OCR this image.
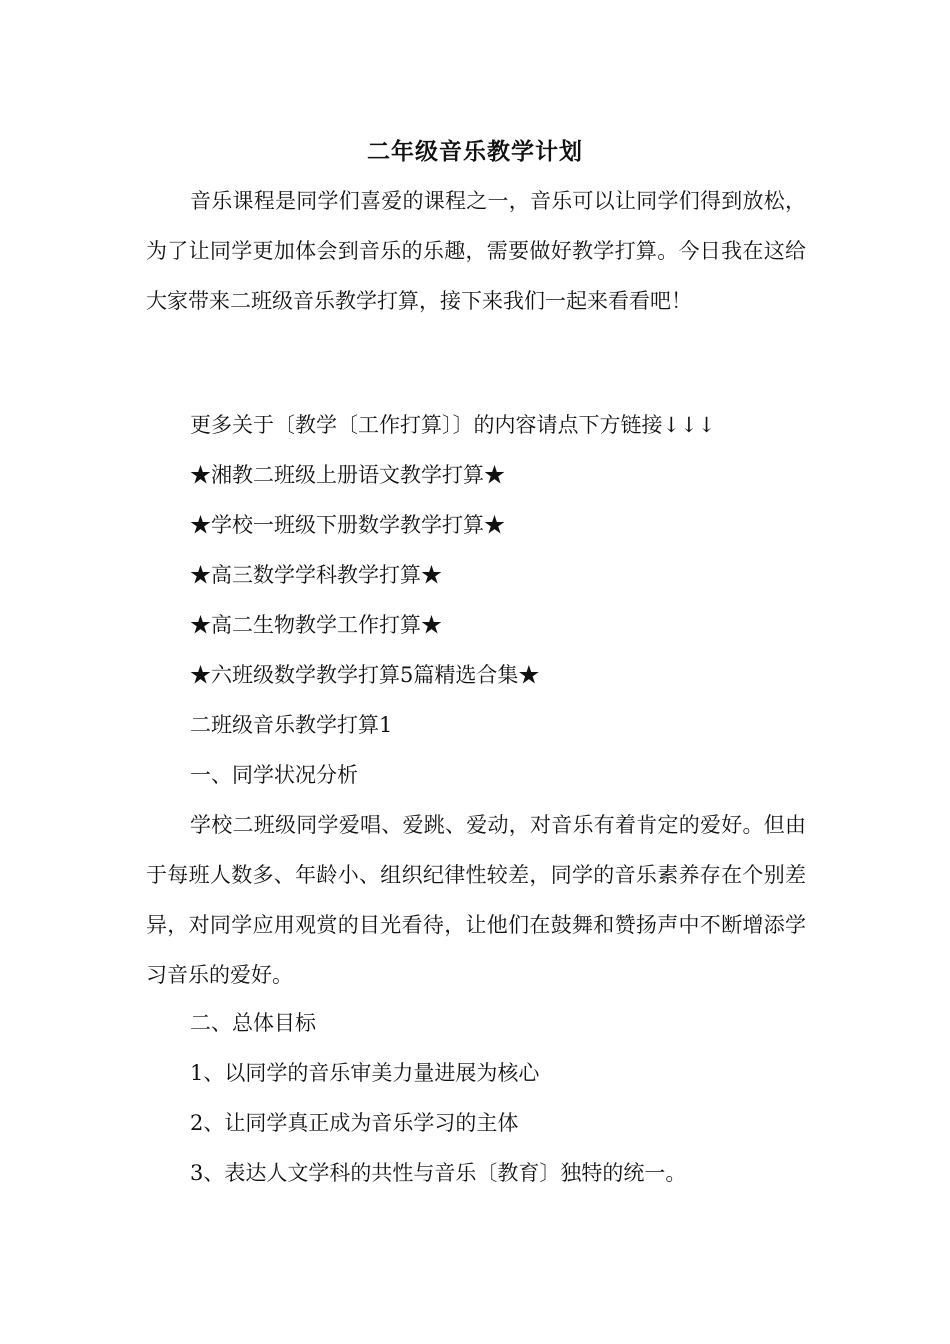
二年级音乐教学计划

音乐课程是同学们喜爱的课程之一，音乐可以让同学们得到放松，为了让同学更加体会到音乐的乐趣，需要做好教学打算。今日我在这给大家带来二班级音乐教学打算，接下来我们一起来看看吧！

更多关于〔教学〔工作打算〕〕的内容请点下方链接↓↓↓

★湘教二班级上册语文教学打算★

★学校一班级下册数学教学打算★

★高三数学学科教学打算★

★高二生物教学工作打算★

★六班级数学教学打算5篇精选合集★

二班级音乐教学打算1

一、同学状况分析

学校二班级同学爱唱、爱跳、爱动，对音乐有着肯定的爱好。但由于每班人数多、年龄小、组织纪律性较差，同学的音乐素养存在个别差异，对同学应用观赏的目光看待，让他们在鼓舞和赞扬声中不断增添学习音乐的爱好。

二、总体目标

1、以同学的音乐审美力量进展为核心

2、让同学真正成为音乐学习的主体

3、表达人文学科的共性与音乐〔教育〕独特的统一。
